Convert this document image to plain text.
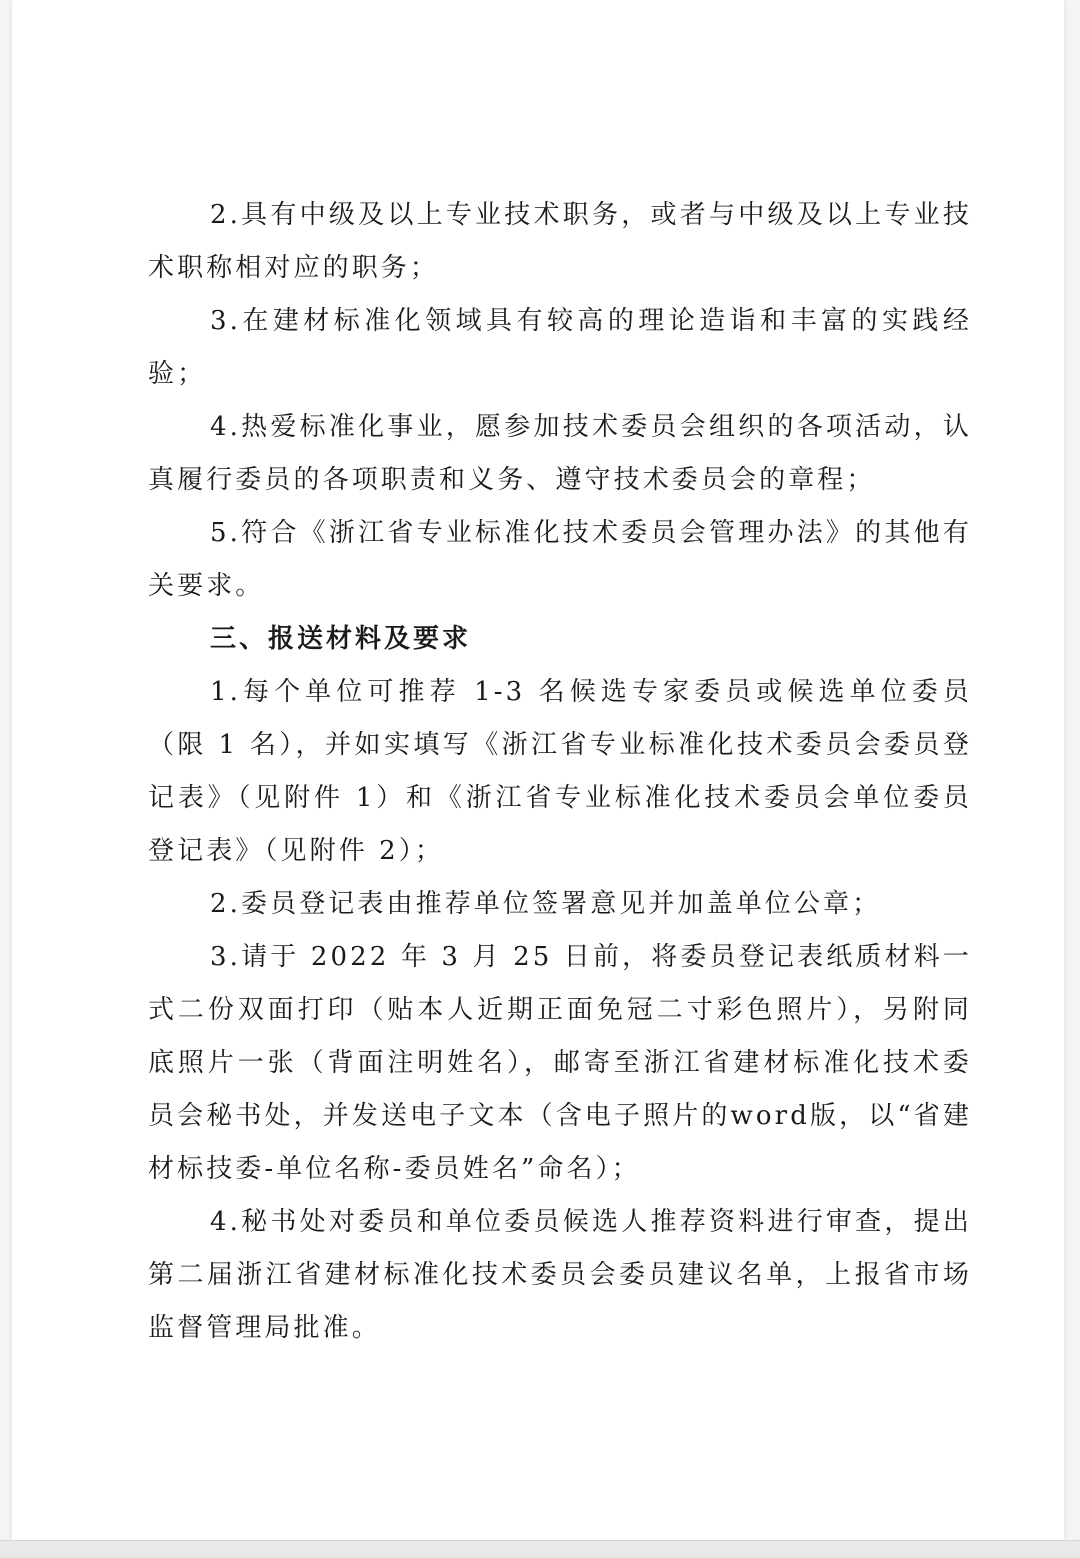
2.具有中级及以上专业技术职务，或者与中级及以上专业技术职称相对应的职务；

3.在建材标准化领域具有较高的理论造诣和丰富的实践经验；

4.热爱标准化事业，愿参加技术委员会组织的各项活动，认真履行委员的各项职责和义务、遵守技术委员会的章程；

5.符合《浙江省专业标准化技术委员会管理办法》的其他有关要求。

三、报送材料及要求

1.每个单位可推荐 1-3 名候选专家委员或候选单位委员（限 1 名），并如实填写《浙江省专业标准化技术委员会委员登记表》（见附件 1）和《浙江省专业标准化技术委员会单位委员登记表》（见附件 2）；

2.委员登记表由推荐单位签署意见并加盖单位公章；

3.请于 2022 年 3 月 25 日前，将委员登记表纸质材料一式二份双面打印（贴本人近期正面免冠二寸彩色照片），另附同底照片一张（背面注明姓名），邮寄至浙江省建材标准化技术委员会秘书处，并发送电子文本（含电子照片的word版，以“省建材标技委-单位名称-委员姓名”命名）；

4.秘书处对委员和单位委员候选人推荐资料进行审查，提出第二届浙江省建材标准化技术委员会委员建议名单，上报省市场监督管理局批准。
